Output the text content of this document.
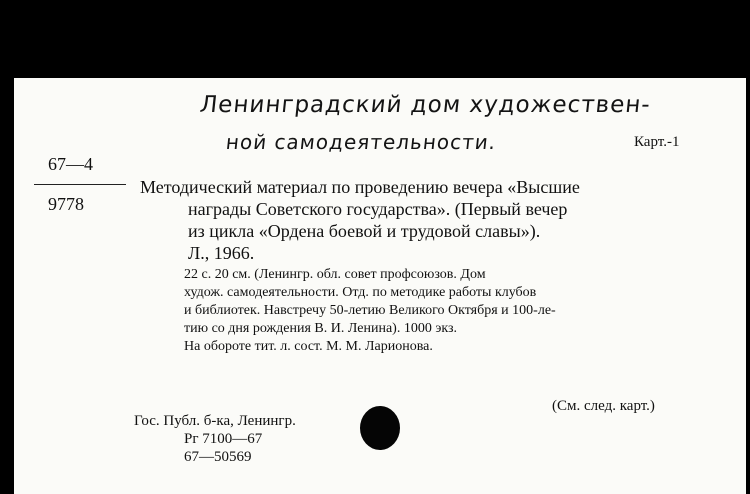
Ленинградский дом художествен-
ной самодеятельности.	Карт.-1
67—4
9778
Методический материал по проведению вечера «Высшие
награды Советского государства». (Первый вечер
из цикла «Ордена боевой и трудовой славы»).
Л., 1966.
22 с. 20 см. (Ленингр. обл. совет профсоюзов. Дом
худож. самодеятельности. Отд. по методике работы клубов
и библиотек. Навстречу 50-летию Великого Октября и 100-ле-
тию со дня рождения В. И. Ленина). 1000 экз.
На обороте тит. л. сост. М. М. Ларионова.
(См. след. карт.)
Гос. Публ. б-ка, Ленингр.
Рг 7100—67
67—50569
